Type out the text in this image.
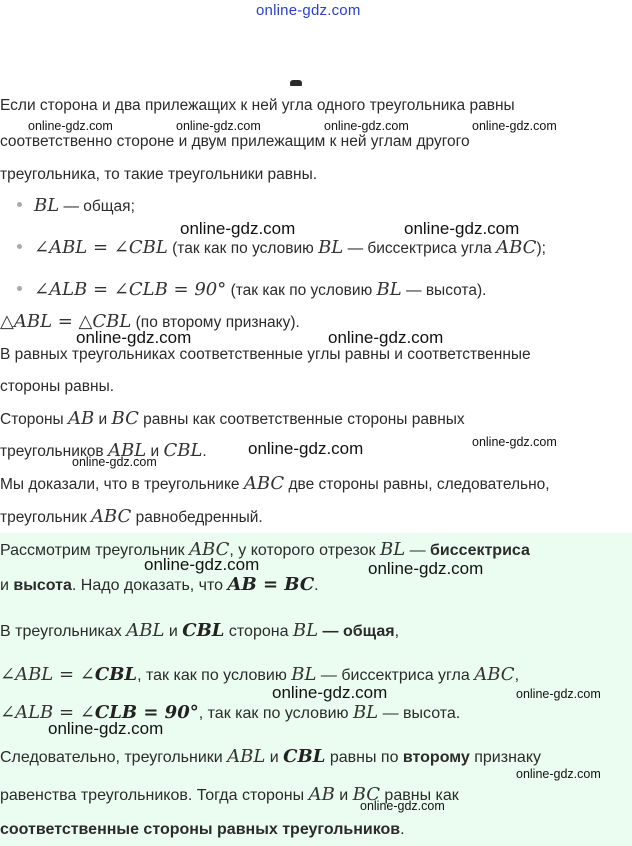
online-gdz.com
Если сторона и два прилежащих к ней угла одного треугольника равны
соответственно стороне и двум прилежащим к ней углам другого
треугольника, то такие треугольники равны.
online-gdz.com	online-gdz.com	online-gdz.com	online-gdz.com
BL — общая;
∠ABL = ∠CBL (так как по условию BL — биссектриса угла ABC);
∠ALB = ∠CLB = 90° (так как по условию BL — высота).
online-gdz.com	online-gdz.com
△ABL = △CBL (по второму признаку).
online-gdz.com	online-gdz.com
В равных треугольниках соответственные углы равны и соответственные
стороны равны.
Стороны AB и BC равны как соответственные стороны равных
треугольников ABL и CBL. online-gdz.com	online-gdz.com
online-gdz.com
Мы доказали, что в треугольнике ABC две стороны равны, следовательно,
треугольник ABC равнобедренный.
Рассмотрим треугольник ABC, у которого отрезок BL — биссектриса
и высота. Надо доказать, что AB = BC.
online-gdz.com	online-gdz.com
В треугольниках ABL и CBL сторона BL — общая,
∠ABL = ∠CBL, так как по условию BL — биссектриса угла ABC,
online-gdz.com	online-gdz.com
∠ALB = ∠CLB = 90°, так как по условию BL — высота.
online-gdz.com
Следовательно, треугольники ABL и CBL равны по второму признаку
online-gdz.com
равенства треугольников. Тогда стороны AB и BC равны как
online-gdz.com
соответственные стороны равных треугольников.
